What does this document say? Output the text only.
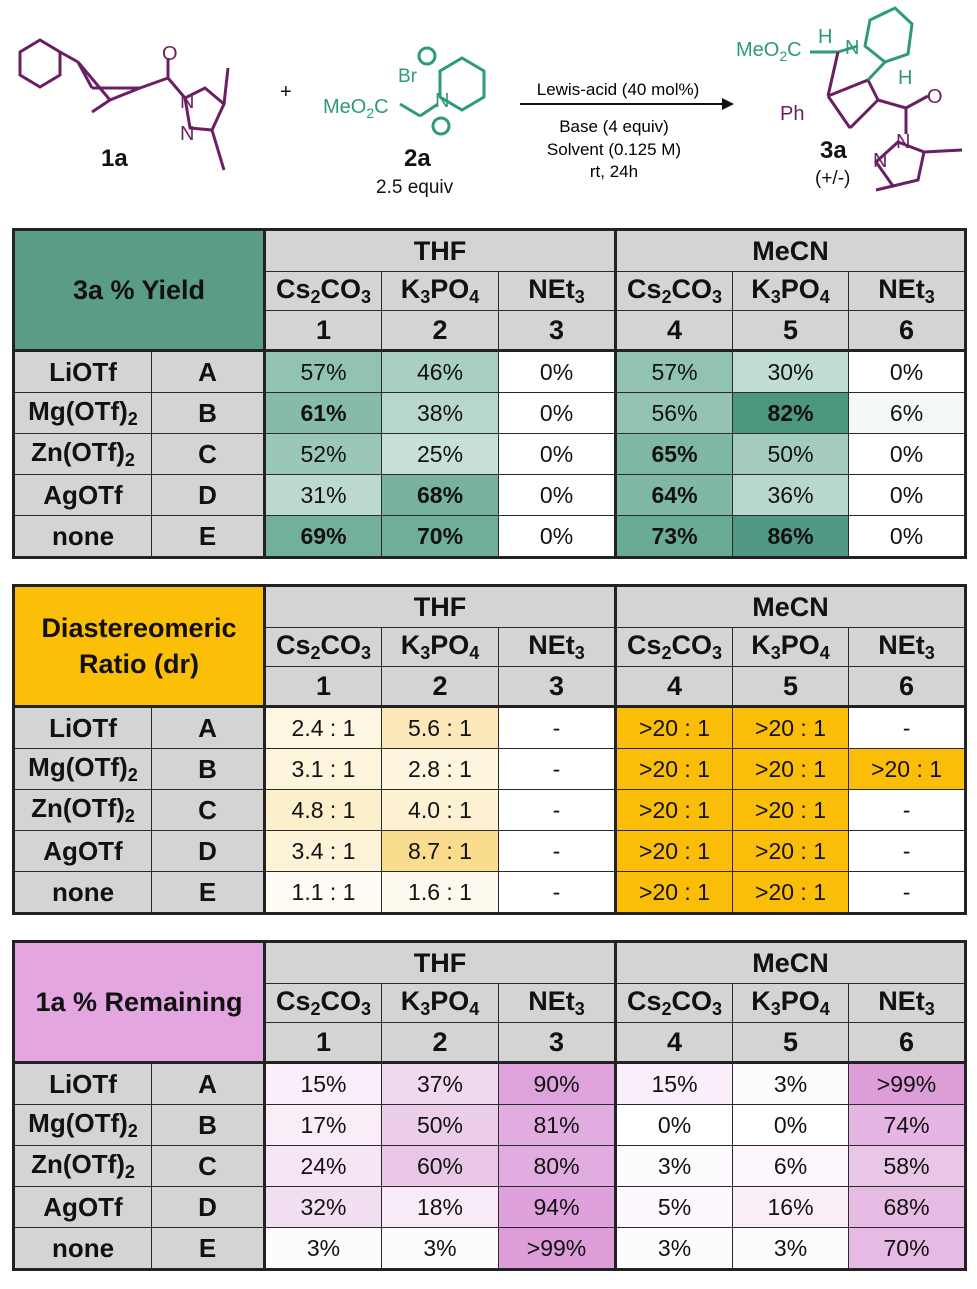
O
N
N
1a
+
Br
MeO$_2$C N
2a
2.5 equiv
Lewis-acid (40 mol%)
Base (4 equiv)
Solvent (0.125 M)
rt, 24h
MeO$_2$C
H N
H
O
Ph
N
N
3a
(+/-)
3a % Yield		THF			MeCN		
		Cs2CO3	K3PO4	NEt3	Cs2CO3	K3PO4	NEt3
		1	2	3	4	5	6
LiOTf	A	57%	46%	0%	57%	30%	0%
Mg(OTf)2	B	61%	38%	0%	56%	82%	6%
Zn(OTf)2	C	52%	25%	0%	65%	50%	0%
AgOTf	D	31%	68%	0%	64%	36%	0%
none	E	69%	70%	0%	73%	86%	0%
Diastereomeric Ratio (dr)		THF			MeCN		
		Cs2CO3	K3PO4	NEt3	Cs2CO3	K3PO4	NEt3
		1	2	3	4	5	6
LiOTf	A	2.4 : 1	5.6 : 1	-	>20 : 1	>20 : 1	-
Mg(OTf)2	B	3.1 : 1	2.8 : 1	-	>20 : 1	>20 : 1	>20 : 1
Zn(OTf)2	C	4.8 : 1	4.0 : 1	-	>20 : 1	>20 : 1	-
AgOTf	D	3.4 : 1	8.7 : 1	-	>20 : 1	>20 : 1	-
none	E	1.1 : 1	1.6 : 1	-	>20 : 1	>20 : 1	-
1a % Remaining		THF			MeCN		
		Cs2CO3	K3PO4	NEt3	Cs2CO3	K3PO4	NEt3
		1	2	3	4	5	6
LiOTf	A	15%	37%	90%	15%	3%	>99%
Mg(OTf)2	B	17%	50%	81%	0%	0%	74%
Zn(OTf)2	C	24%	60%	80%	3%	6%	58%
AgOTf	D	32%	18%	94%	5%	16%	68%
none	E	3%	3%	>99%	3%	3%	70%
